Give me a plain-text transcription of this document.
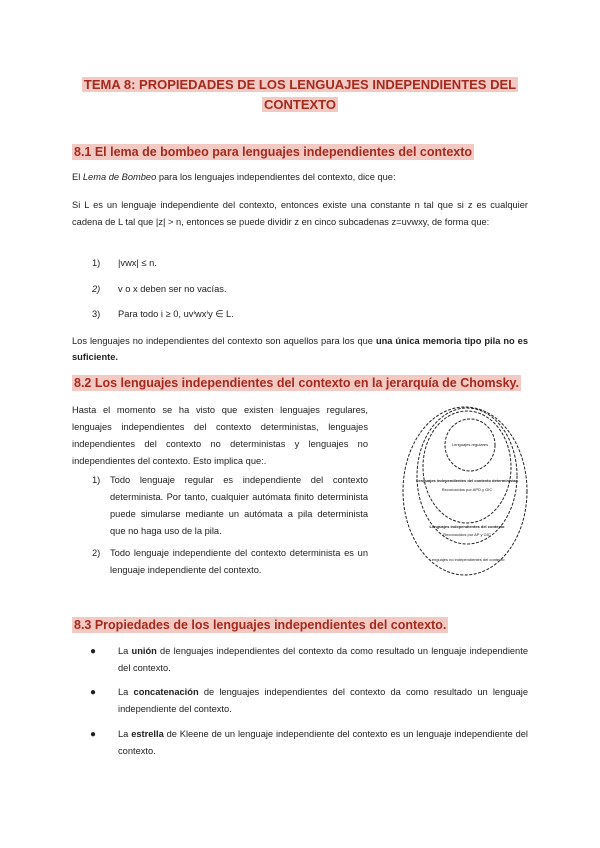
TEMA 8: PROPIEDADES DE LOS LENGUAJES INDEPENDIENTES DEL
CONTEXTO
8.1 El lema de bombeo para lenguajes independientes del contexto
El Lema de Bombeo para los lenguajes independientes del contexto, dice que:
Si L es un lenguaje independiente del contexto, entonces existe una constante n tal que si z es cualquier cadena de L tal que |z| > n, entonces se puede dividir z en cinco subcadenas z=uvwxy, de forma que:
1) |vwx| ≤ n.
2) v o x deben ser no vacías.
3) Para todo i ≥ 0, uvⁱwxⁱy ∈ L.
Los lenguajes no independientes del contexto son aquellos para los que una única memoria tipo pila no es suficiente.
8.2 Los lenguajes independientes del contexto en la jerarquía de Chomsky.
Hasta el momento se ha visto que existen lenguajes regulares, lenguajes independientes del contexto deterministas, lenguajes independientes del contexto no deterministas y lenguajes no independientes del contexto. Esto implica que:.
1) Todo lenguaje regular es independiente del contexto determinista. Por tanto, cualquier autómata finito determinista puede simularse mediante un autómata a pila determinista que no haga uso de la pila.
2) Todo lenguaje independiente del contexto determinista es un lenguaje independiente del contexto.
Lenguajes regulares
Lenguajes independientes del contexto deterministas
Reconocidos por APD y GIC
Lenguajes independientes del contexto
Reconocidos por AP y GIC
Lenguajes no independientes del contexto
8.3 Propiedades de los lenguajes independientes del contexto.
● La unión de lenguajes independientes del contexto da como resultado un lenguaje independiente del contexto.
● La concatenación de lenguajes independientes del contexto da como resultado un lenguaje independiente del contexto.
● La estrella de Kleene de un lenguaje independiente del contexto es un lenguaje independiente del contexto.
